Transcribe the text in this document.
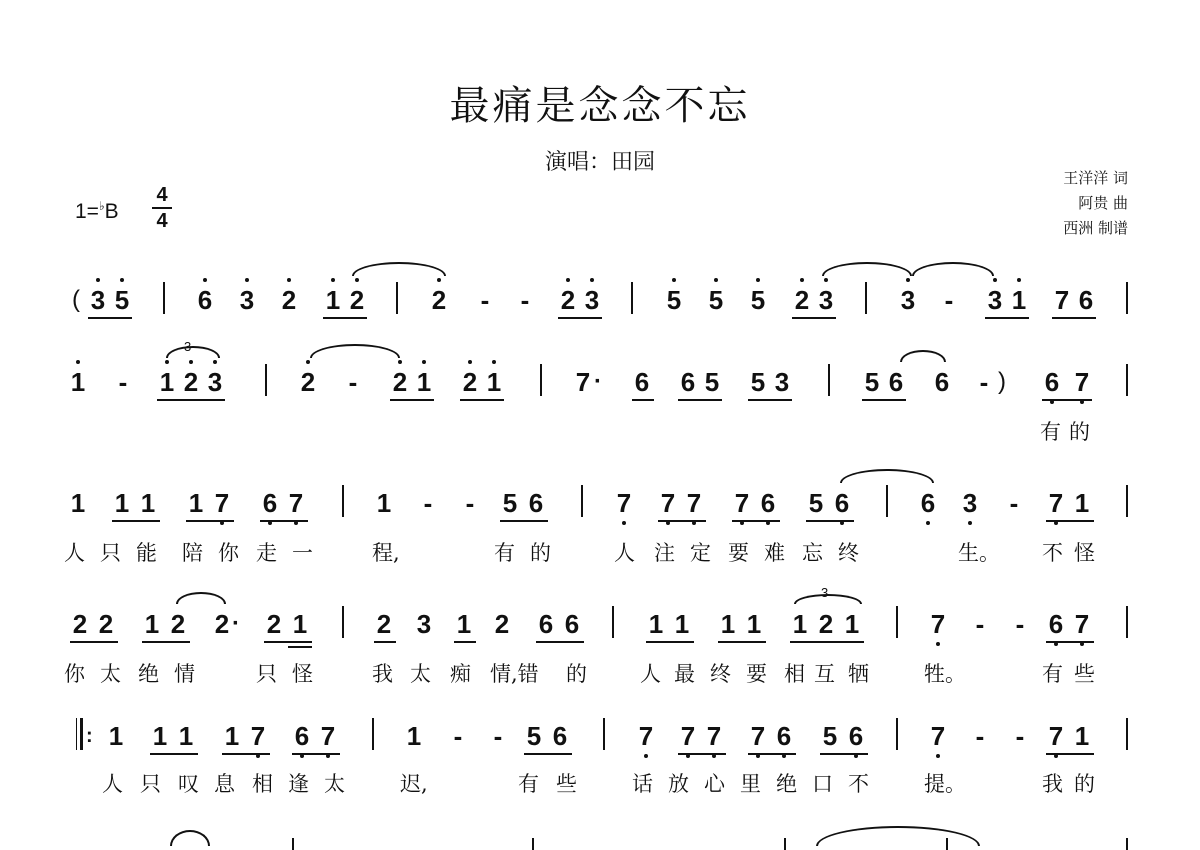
最痛是念念不忘
演唱：田园
王洋洋 词
阿贵 曲
西洲 制谱
1=♭B
4
4
( 3 5	6 3 2 1 2	2 - - 2 3	5 5 5 2 3	3 - 3 1 7 6
1 - 1 2 3
3
2 - 2 1 2 1	7 · 6 6 5 5 3	5 6 6 - ) 6 7
有的
1 1 1 1 7 6 7	1 - - 5 6	7 7 7 7 6 5 6	6 3 - 7 1
人 只 能 陪 你 走 一	程,	有 的	人 注 定 要 难 忘 终	生。 不 怪
2 2 1 2 2 · 2 1	2 3 1 2 6 6	1 1 1 1 1 2 1
3
7 - - 6 7
你 太 绝 情	只 怪	我 太 痴 情,错 的	人 最 终 要 相 互 牺	牲。	有 些
: 1 1 1 1 7 6 7	1 - - 5 6	7 7 7 7 6 5 6	7 - - 7 1
人 只 叹 息 相 逢 太	迟,	有 些	话 放 心 里 绝 口 不	提。	我 的
